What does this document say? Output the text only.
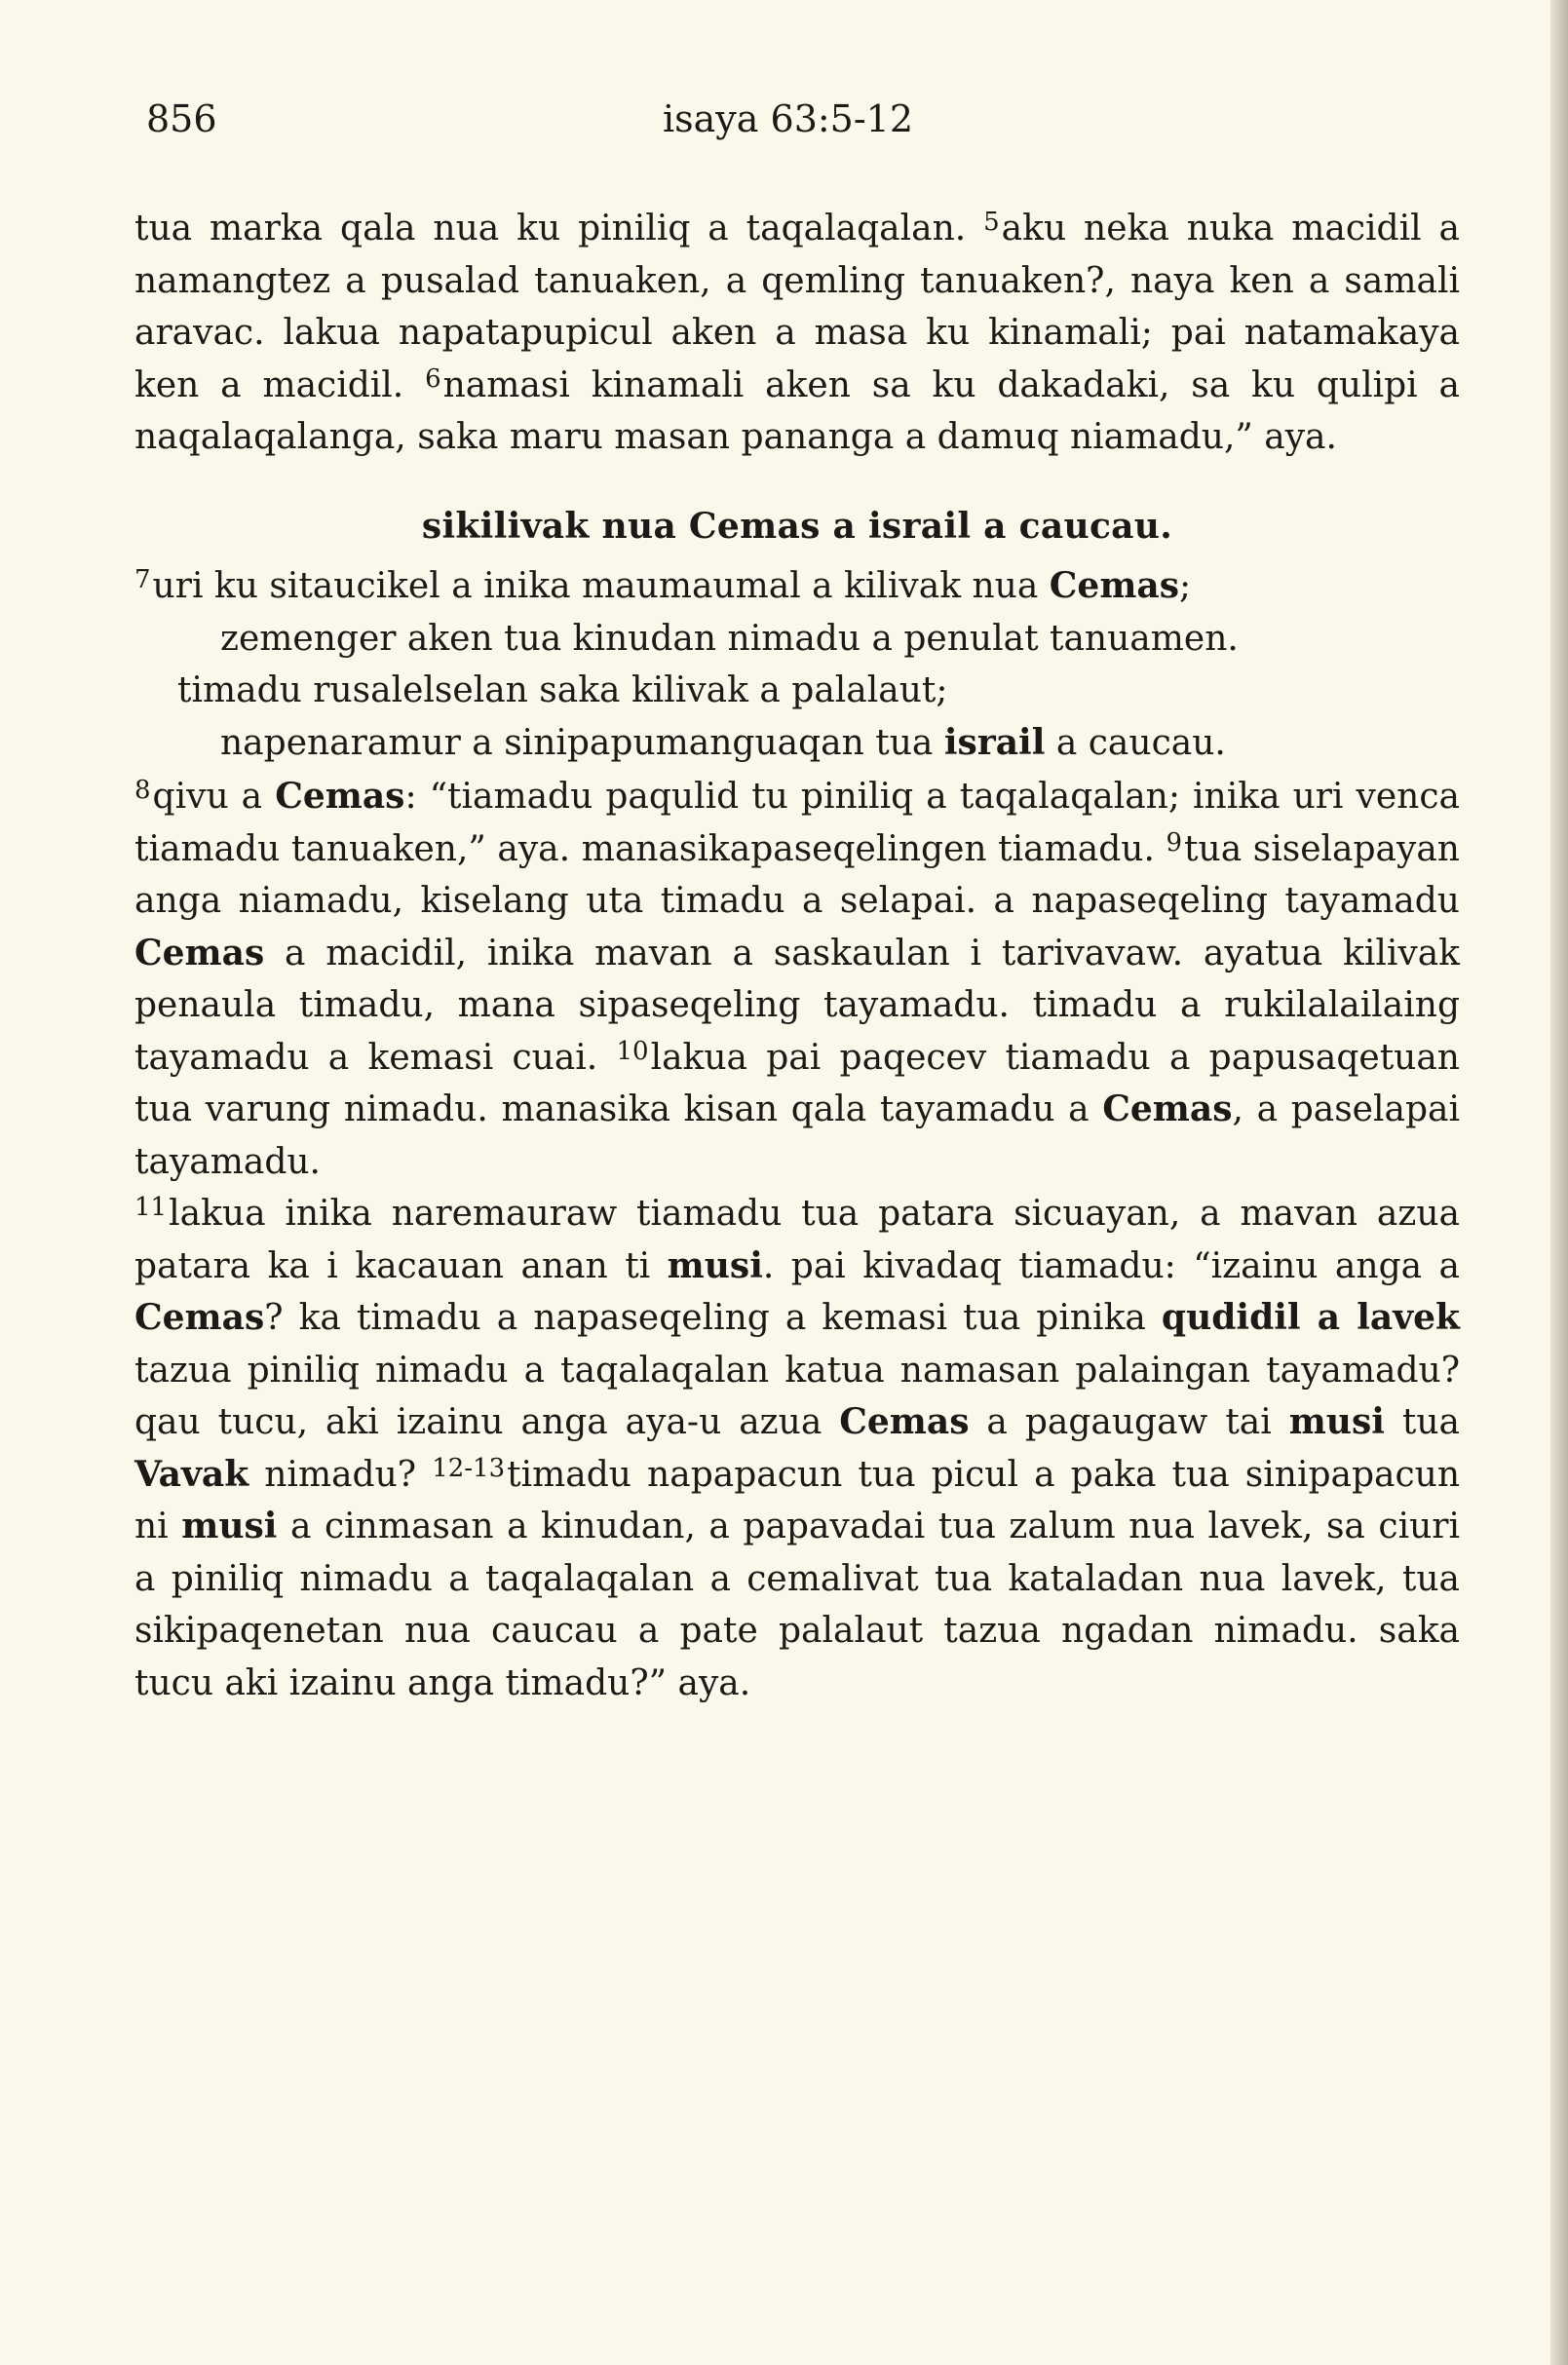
856	isaya 63:5-12

tua marka qala nua ku piniliq a taqalaqalan. $^5$aku neka nuka macidil a namangtez a pusalad tanuaken, a qemling tanuaken?, naya ken a samali aravac. lakua napatapupicul aken a masa ku kinamali; pai natamakaya ken a macidil. $^6$namasi kinamali aken sa ku dakadaki, sa ku qulipi a naqalaqalanga, saka maru masan pananga a damuq niamadu,” aya.

sikilivak nua Cemas a israil a caucau.

$^7$uri ku sitaucikel a inika maumaumal a kilivak nua Cemas;

zemenger aken tua kinudan nimadu a penulat tanuamen.

timadu rusalelselan saka kilivak a palalaut;

napenaramur a sinipapumanguaqan tua israil a caucau.

$^8$qivu a Cemas: “tiamadu paqulid tu piniliq a taqalaqalan; inika uri venca tiamadu tanuaken,” aya. manasikapaseqelingen tiamadu. $^9$tua siselapayan anga niamadu, kiselang uta timadu a selapai. a napaseqeling tayamadu Cemas a macidil, inika mavan a saskaulan i tarivavaw. ayatua kilivak penaula timadu, mana sipaseqeling tayamadu. timadu a rukilalailaing tayamadu a kemasi cuai. $^{10}$lakua pai paqecev tiamadu a papusaqetuan tua varung nimadu. manasika kisan qala tayamadu a Cemas, a paselapai tayamadu.

$^{11}$lakua inika naremauraw tiamadu tua patara sicuayan, a mavan azua patara ka i kacauan anan ti musi. pai kivadaq tiamadu: “izainu anga a Cemas? ka timadu a napaseqeling a kemasi tua pinika qudidil a lavek tazua piniliq nimadu a taqalaqalan katua namasan palaingan tayamadu? qau tucu, aki izainu anga aya-u azua Cemas a pagaugaw tai musi tua Vavak nimadu? $^{12-13}$timadu napapacun tua picul a paka tua sinipapacun ni musi a cinmasan a kinudan, a papavadai tua zalum nua lavek, sa ciuri a piniliq nimadu a taqalaqalan a cemalivat tua kataladan nua lavek, tua sikipaqenetan nua caucau a pate palalaut tazua ngadan nimadu. saka tucu aki izainu anga timadu?” aya.
